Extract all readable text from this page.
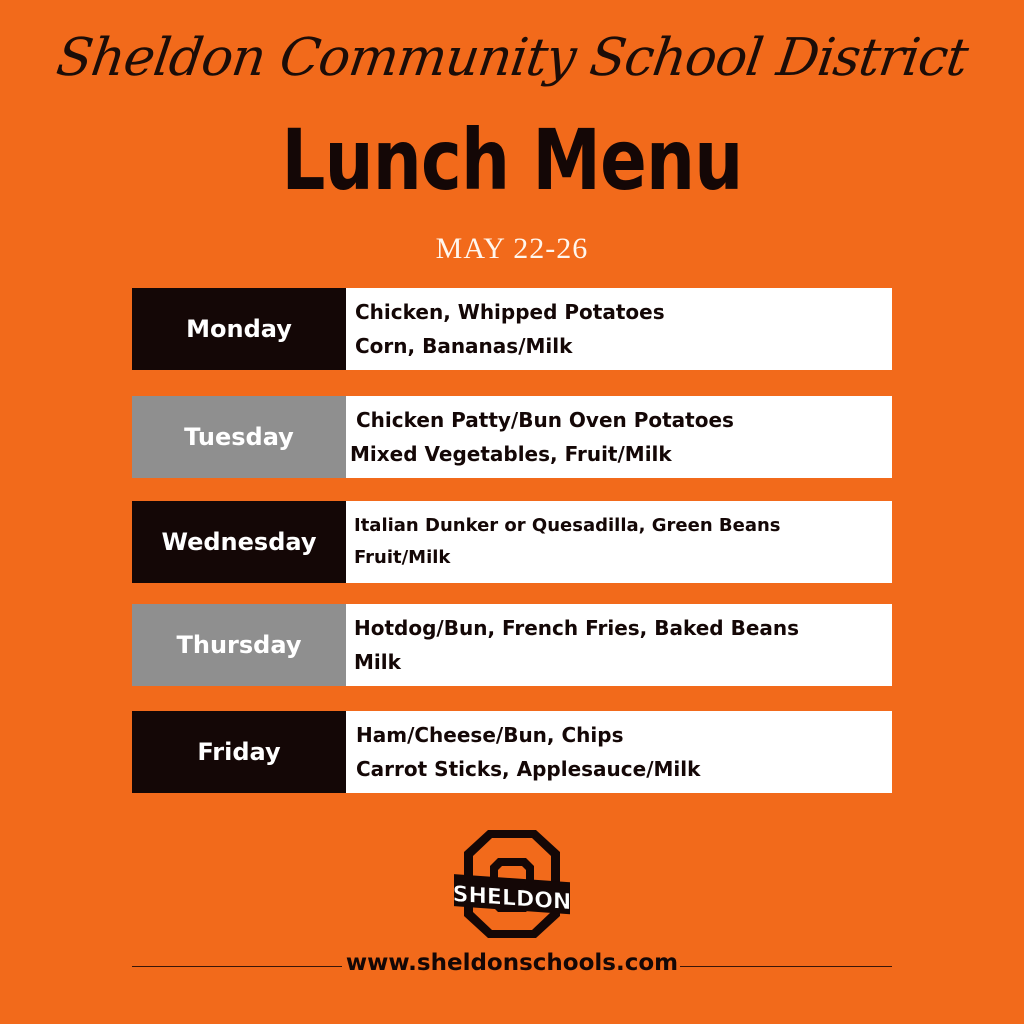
Sheldon Community School District
Lunch Menu
MAY 22-26
Monday
Chicken, Whipped Potatoes
Corn, Bananas/Milk
Tuesday
Chicken Patty/Bun Oven Potatoes
Mixed Vegetables, Fruit/Milk
Wednesday
Italian Dunker or Quesadilla, Green Beans
Fruit/Milk
Thursday
Hotdog/Bun, French Fries, Baked Beans
Milk
Friday
Ham/Cheese/Bun, Chips
Carrot Sticks, Applesauce/Milk
SHELDON
www.sheldonschools.com
